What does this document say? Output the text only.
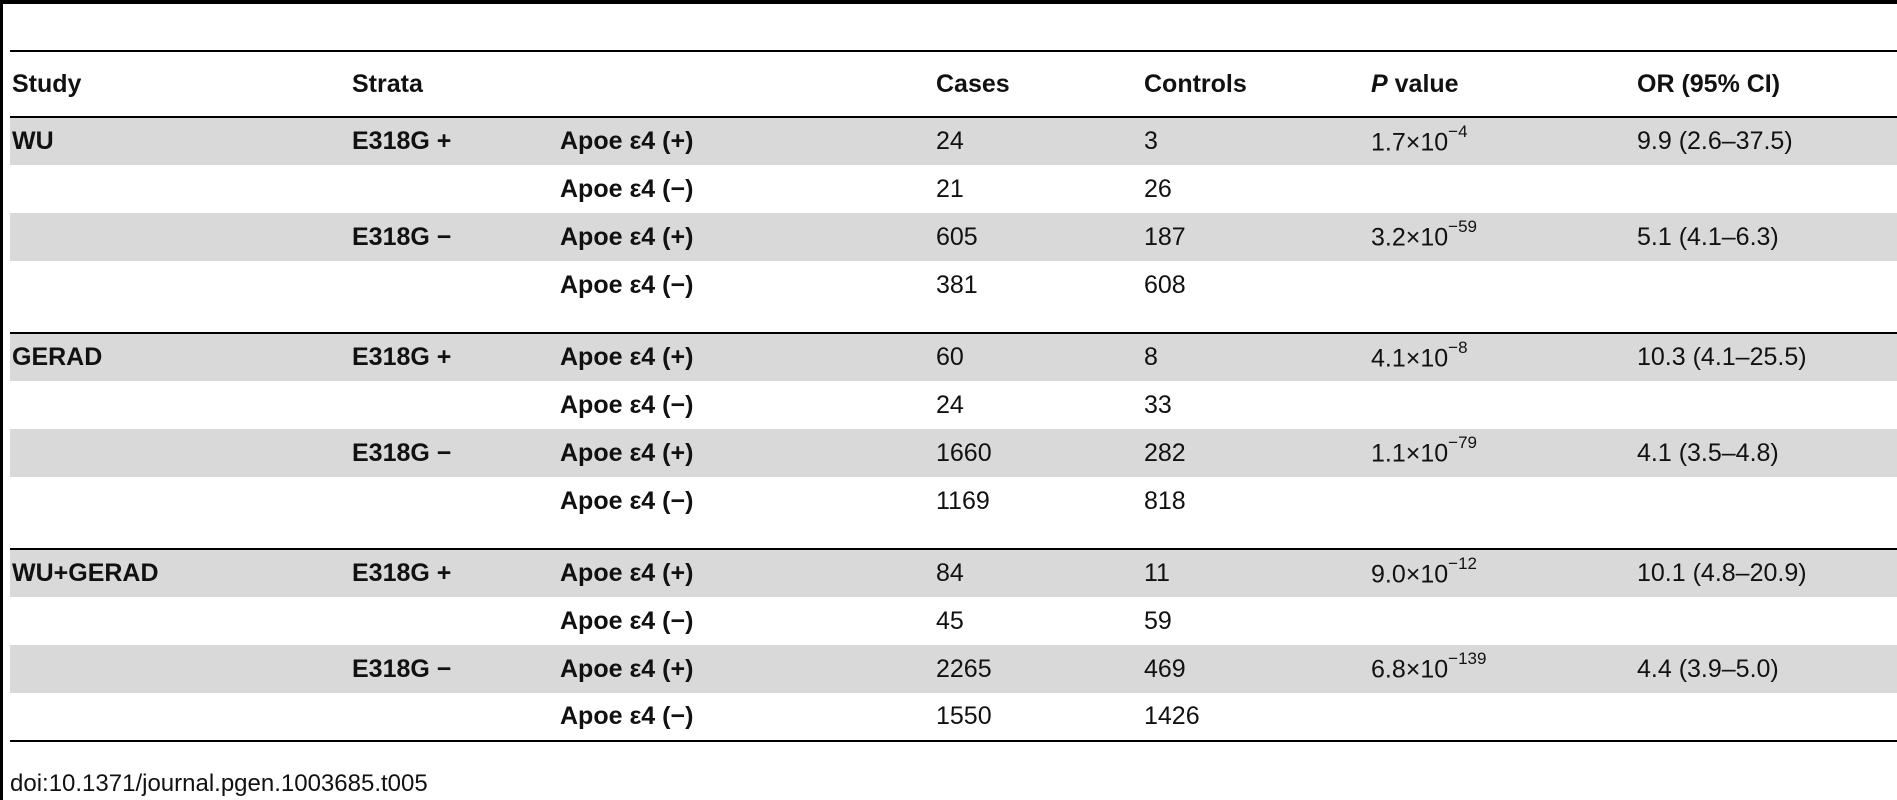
Study	Strata		Cases	Controls	P value	OR (95% CI)
WU	E318G +	Apoe ε4 (+)	24	3	$1.7\times 10^{-4}$	9.9 (2.6–37.5)
		Apoe ε4 (−)	21	26		
	E318G −	Apoe ε4 (+)	605	187	$3.2\times 10^{-59}$	5.1 (4.1–6.3)
		Apoe ε4 (−)	381	608		

GERAD	E318G +	Apoe ε4 (+)	60	8	$4.1\times 10^{-8}$	10.3 (4.1–25.5)
		Apoe ε4 (−)	24	33		
	E318G −	Apoe ε4 (+)	1660	282	$1.1\times 10^{-79}$	4.1 (3.5–4.8)
		Apoe ε4 (−)	1169	818		

WU+GERAD	E318G +	Apoe ε4 (+)	84	11	$9.0\times 10^{-12}$	10.1 (4.8–20.9)
		Apoe ε4 (−)	45	59		
	E318G −	Apoe ε4 (+)	2265	469	$6.8\times 10^{-139}$	4.4 (3.9–5.0)
		Apoe ε4 (−)	1550	1426		
doi:10.1371/journal.pgen.1003685.t005
